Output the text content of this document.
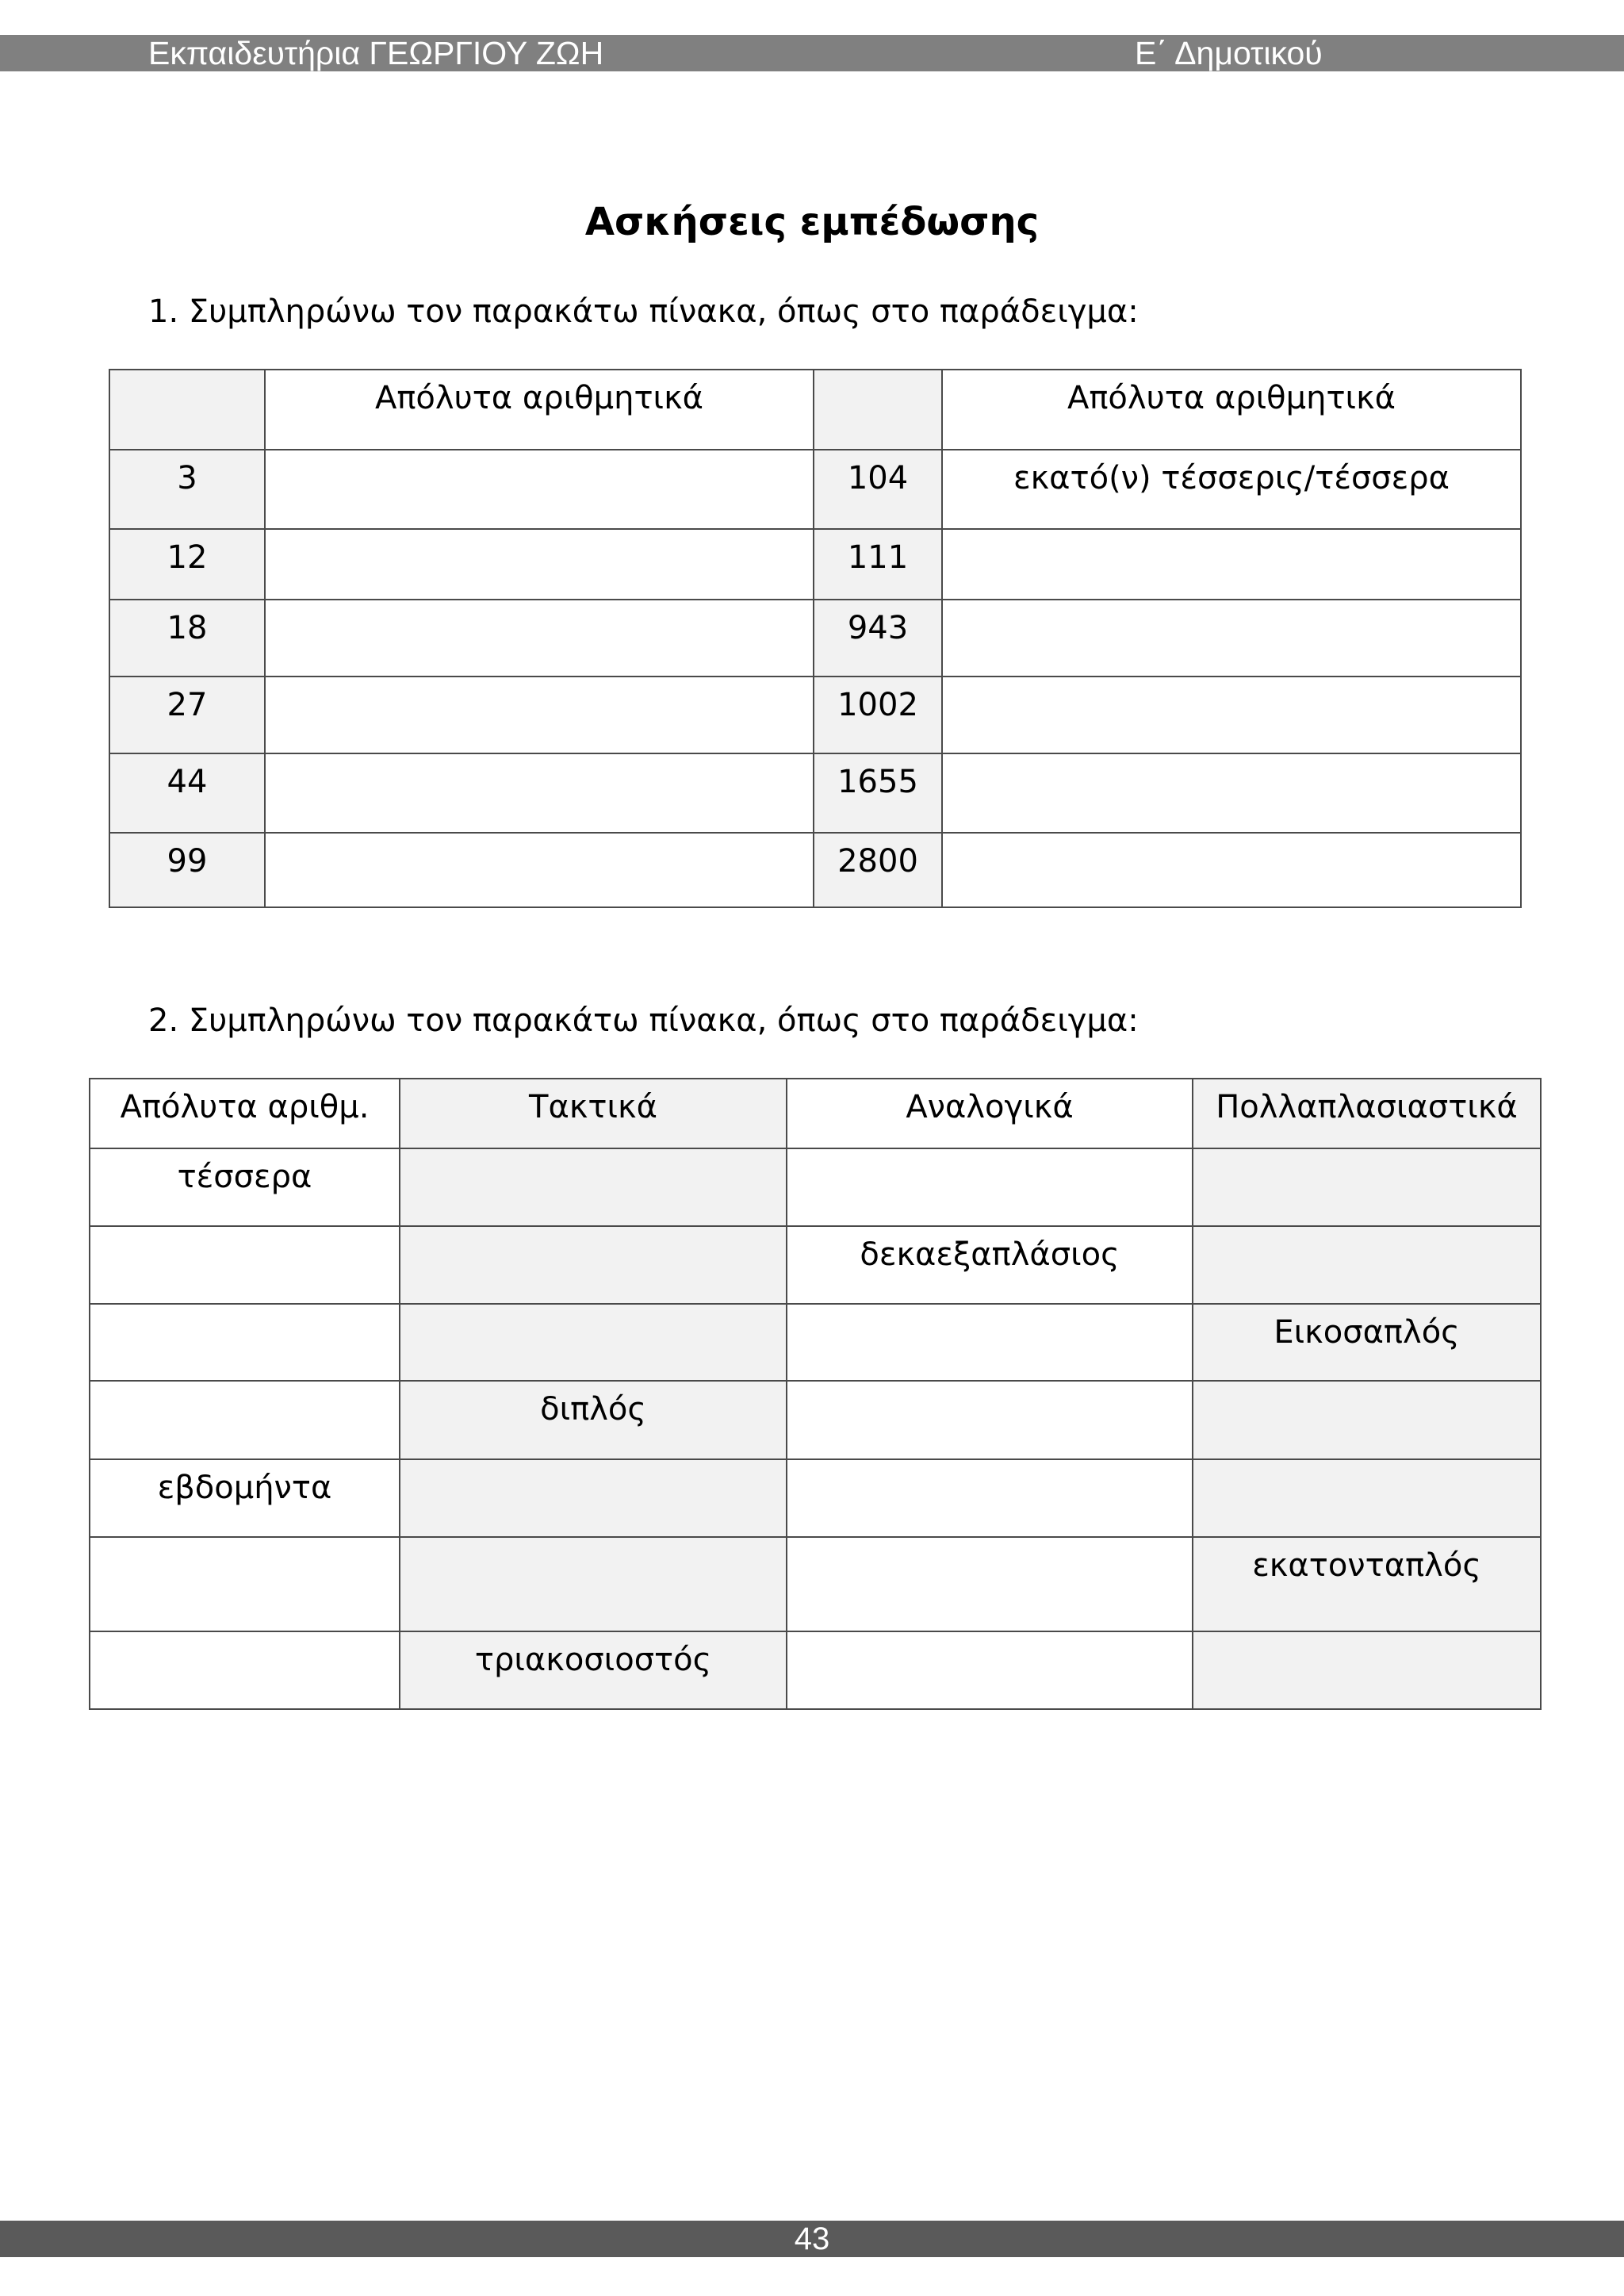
Εκπαιδευτήρια ΓΕΩΡΓΙΟΥ ΖΩΗ	Ε΄ Δημοτικού
Ασκήσεις εμπέδωσης
1. Συμπληρώνω τον παρακάτω πίνακα, όπως στο παράδειγμα:
	Απόλυτα αριθμητικά		Απόλυτα αριθμητικά
3		104	εκατό(ν) τέσσερις/τέσσερα
12		111	
18		943	
27		1002	
44		1655	
99		2800	
2. Συμπληρώνω τον παρακάτω πίνακα, όπως στο παράδειγμα:
Απόλυτα αριθμ.	Τακτικά	Αναλογικά	Πολλαπλασιαστικά
τέσσερα			
		δεκαεξαπλάσιος	
			Εικοσαπλός
	διπλός		
εβδομήντα			
			εκατονταπλός
	τριακοσιοστός		
43
